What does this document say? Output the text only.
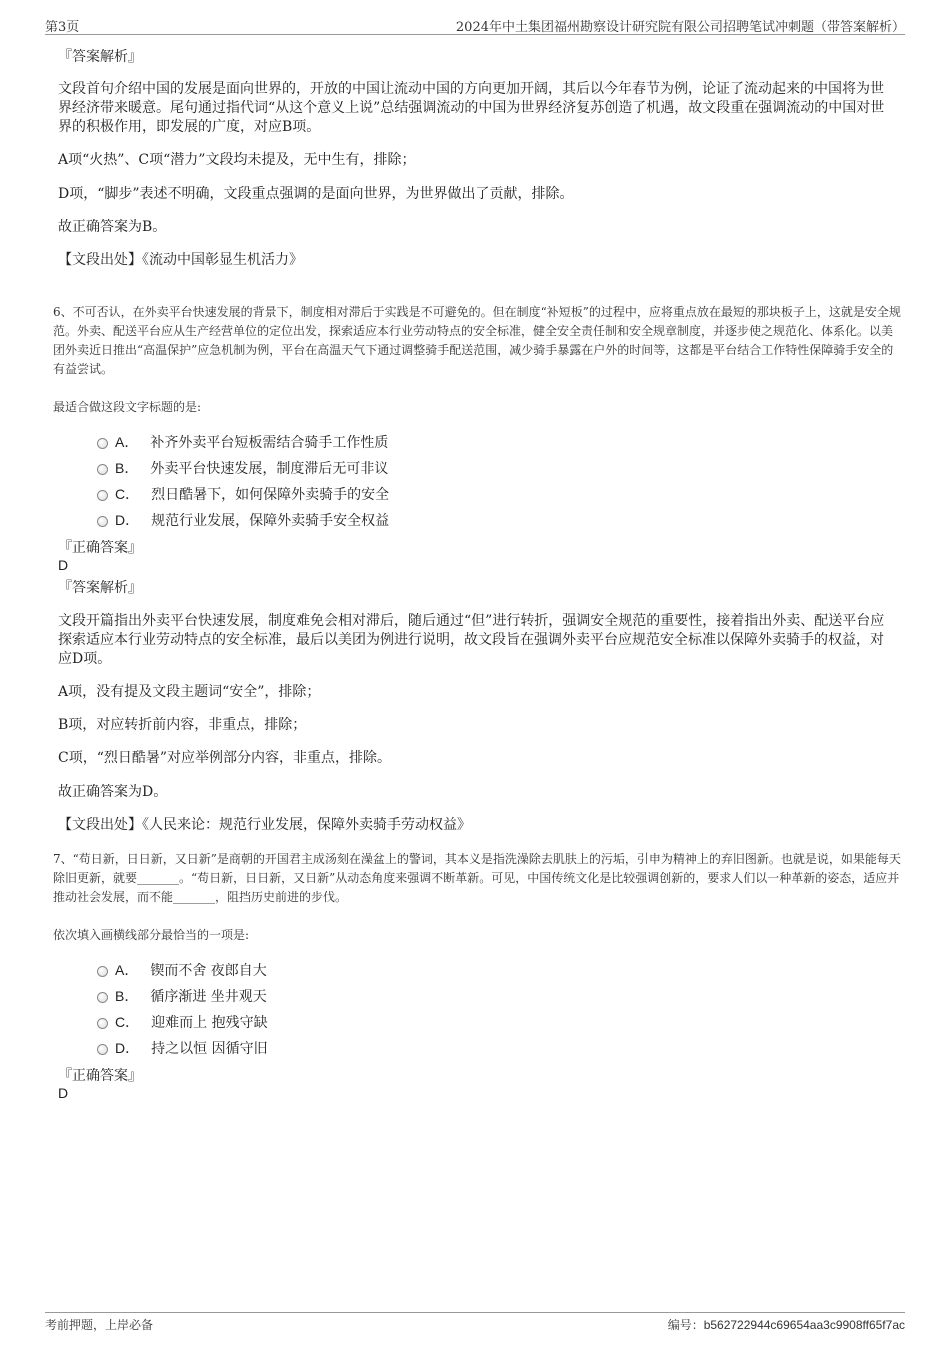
第3页	2024年中土集团福州勘察设计研究院有限公司招聘笔试冲刺题（带答案解析）
『答案解析』
文段首句介绍中国的发展是面向世界的，开放的中国让流动中国的方向更加开阔，其后以今年春节为例，论证了流动起来的中国将为世界经济带来暖意。尾句通过指代词“从这个意义上说”总结强调流动的中国为世界经济复苏创造了机遇，故文段重在强调流动的中国对世界的积极作用，即发展的广度，对应B项。
A项“火热”、C项“潜力”文段均未提及，无中生有，排除；
D项，“脚步”表述不明确，文段重点强调的是面向世界，为世界做出了贡献，排除。
故正确答案为B。
【文段出处】《流动中国彰显生机活力》
6、不可否认，在外卖平台快速发展的背景下，制度相对滞后于实践是不可避免的。但在制度“补短板”的过程中，应将重点放在最短的那块板子上，这就是安全规范。外卖、配送平台应从生产经营单位的定位出发，探索适应本行业劳动特点的安全标准，健全安全责任制和安全规章制度，并逐步使之规范化、体系化。以美团外卖近日推出“高温保护”应急机制为例，平台在高温天气下通过调整骑手配送范围，减少骑手暴露在户外的时间等，这都是平台结合工作特性保障骑手安全的有益尝试。
最适合做这段文字标题的是:
A． 补齐外卖平台短板需结合骑手工作性质
B． 外卖平台快速发展，制度滞后无可非议
C． 烈日酷暑下，如何保障外卖骑手的安全
D． 规范行业发展，保障外卖骑手安全权益
『正确答案』
D
『答案解析』
文段开篇指出外卖平台快速发展，制度难免会相对滞后，随后通过“但”进行转折，强调安全规范的重要性，接着指出外卖、配送平台应探索适应本行业劳动特点的安全标准，最后以美团为例进行说明，故文段旨在强调外卖平台应规范安全标准以保障外卖骑手的权益，对应D项。
A项，没有提及文段主题词“安全”，排除；
B项，对应转折前内容，非重点，排除；
C项，“烈日酷暑”对应举例部分内容，非重点，排除。
故正确答案为D。
【文段出处】《人民来论：规范行业发展，保障外卖骑手劳动权益》
7、“苟日新，日日新，又日新”是商朝的开国君主成汤刻在澡盆上的警词，其本义是指洗澡除去肌肤上的污垢，引申为精神上的弃旧图新。也就是说，如果能每天除旧更新，就要_______。“苟日新，日日新，又日新”从动态角度来强调不断革新。可见，中国传统文化是比较强调创新的，要求人们以一种革新的姿态，适应并推动社会发展，而不能_______，阻挡历史前进的步伐。
依次填入画横线部分最恰当的一项是:
A． 锲而不舍 夜郎自大
B． 循序渐进 坐井观天
C． 迎难而上 抱残守缺
D． 持之以恒 因循守旧
『正确答案』
D
考前押题，上岸必备	编号：b562722944c69654aa3c9908ff65f7ac
